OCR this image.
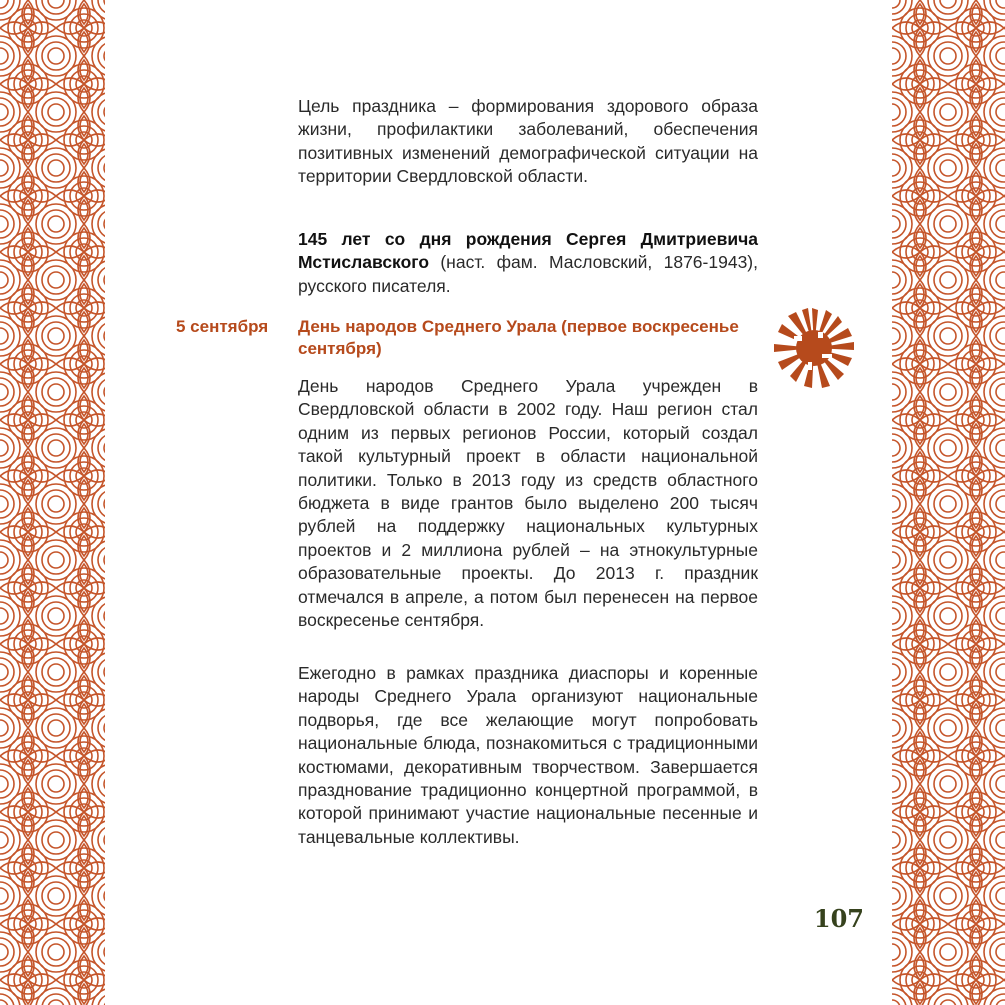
Цель праздника – формирования здорового образа жизни, профилактики заболеваний, обеспечения позитивных изменений демографической ситуации на территории Свердловской области.

145 лет со дня рождения Сергея Дмитриевича Мстиславского (наст. фам. Масловский, 1876-1943), русского писателя.

5 сентября День народов Среднего Урала (первое воскресенье сентября)

День народов Среднего Урала учрежден в Свердловской области в 2002 году. Наш регион стал одним из первых регионов России, который создал такой культурный проект в области национальной политики. Только в 2013 году из средств областного бюджета в виде грантов было выделено 200 тысяч рублей на поддержку национальных культурных проектов и 2 миллиона рублей – на этнокультурные образовательные проекты. До 2013 г. праздник отмечался в апреле, а потом был перенесен на первое воскресенье сентября.

Ежегодно в рамках праздника диаспоры и коренные народы Среднего Урала организуют национальные подворья, где все желающие могут попробовать национальные блюда, познакомиться с традиционными костюмами, декоративным творчеством. Завершается празднование традиционно концертной программой, в которой принимают участие национальные песенные и танцевальные коллективы.

107
